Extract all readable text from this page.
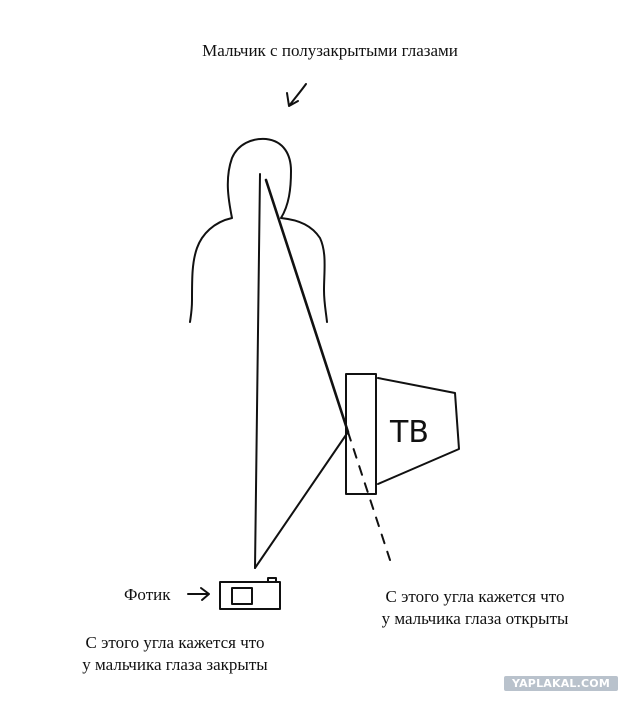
ТВ
Мальчик с полузакрытыми глазами
Фотик	С этого угла кажется что
у мальчика глаза открыты
С этого угла кажется что
у мальчика глаза закрыты
YAPLAKAL.COM
